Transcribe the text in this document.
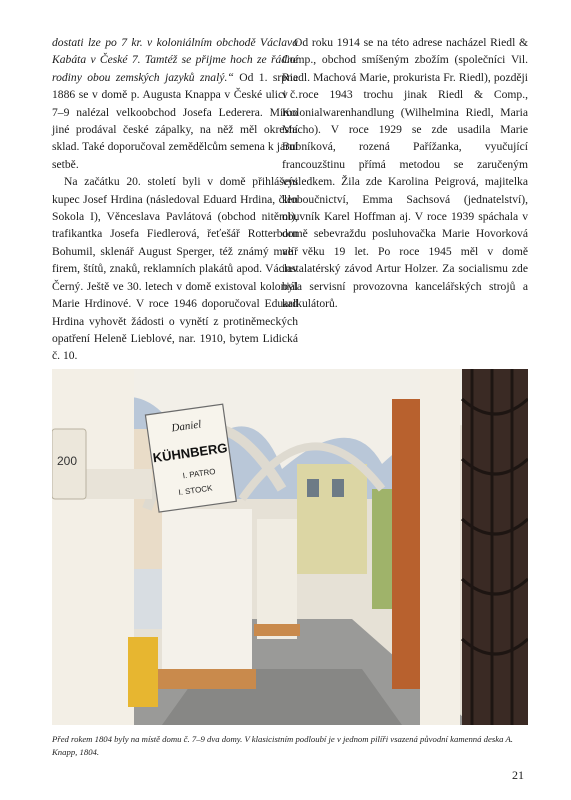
dostati lze po 7 kr. v koloniálním obchodě Václava Kabáta v České 7. Tamtéž se přijme hoch ze řádné rodiny obou zemských jazyků znalý.“ Od 1. srpna 1886 se v domě p. Augusta Knappa v České ulici č. 7–9 nalézal velkoobchod Josefa Lederera. Mimo jiné prodával české zápalky, na něž měl okresní sklad. Také doporučoval zemědělcům semena k jarní setbě.

Na začátku 20. století byli v domě přihlášeni kupec Josef Hrdina (následoval Eduard Hrdina, člen Sokola I), Věnceslava Pavlátová (obchod nitěmi), trafikantka Josefa Fiedlerová, řeťešář Rotterborn Bohumil, sklenář August Sperger, též známý malíř firem, štítů, znaků, reklamních plakátů apod. Václav Černý. Ještě ve 30. letech v domě existoval koloniál Marie Hrdinové. V roce 1946 doporučoval Eduard Hrdina vyhovět žádosti o vynětí z protiněmeckých opatření Heleně Lieblové, nar. 1910, bytem Lidická č. 10.

Od roku 1914 se na této adrese nacházel Riedl & Comp., obchod smíšeným zbožím (společníci Vil. Riedl. Machová Marie, prokurista Fr. Riedl), později v roce 1943 trochu jinak Riedl & Comp., Kolonialwarenhandlung (Wilhelmina Riedl, Maria Macho). V roce 1929 se zde usadila Marie Bubníková, rozená Pařížanka, vyučující francouzštinu přímá metodou se zaručeným výsledkem. Žila zde Karolina Peigrová, majitelka kloboučnictví, Emma Sachsová (jednatelství), obuvník Karel Hoffman aj. V roce 1939 spáchala v domě sebevraždu posluhovačka Marie Hovorková ve věku 19 let. Po roce 1945 měl v domě instalatérský závod Artur Holzer. Za socialismu zde byla servisní provozovna kancelářských strojů a kalkulátorů.

200
Daniel
KÜHNBERG
I. PATRO
I. STOCK
Před rokem 1804 byly na místě domu č. 7–9 dva domy. V klasicistním podloubí je v jednom pilíři vsazená původní kamenná deska A. Knapp, 1804.
21
